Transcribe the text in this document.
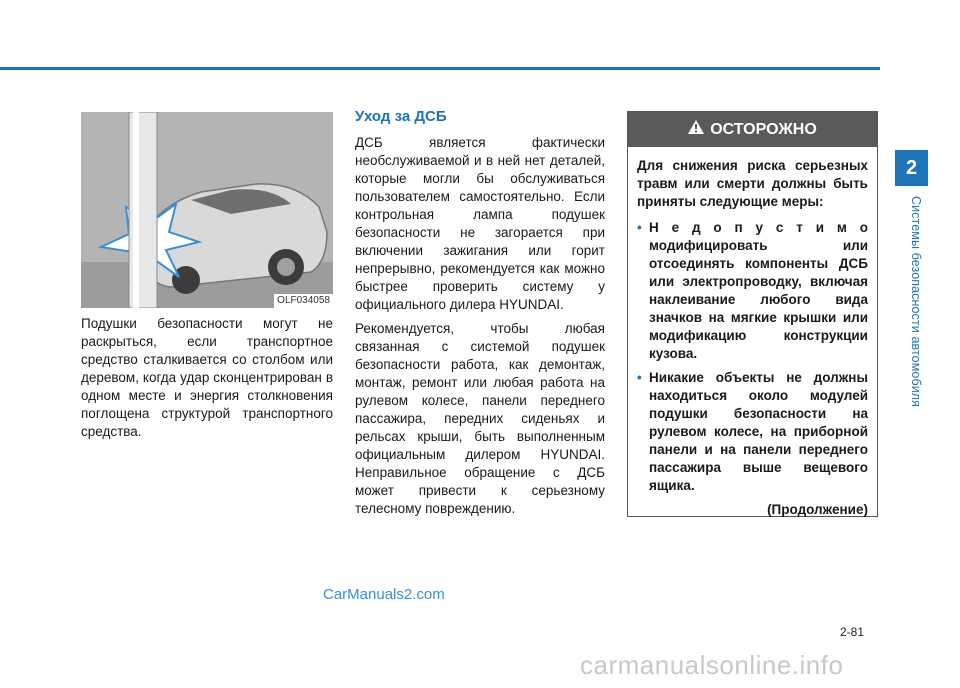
OLF034058

Подушки безопасности могут не раскрыться, если транспортное средство сталкивается со столбом или деревом, когда удар сконцентрирован в одном месте и энергия столкновения поглощена структурой транспортного средства.

Уход за ДСБ

ДСБ является фактически необслуживаемой и в ней нет деталей, которые могли бы обслуживаться пользователем самостоятельно. Если контрольная лампа подушек безопасности не загорается при включении зажигания или горит непрерывно, рекомендуется как можно быстрее проверить систему у официального дилера HYUNDAI.

Рекомендуется, чтобы любая связанная с системой подушек безопасности работа, как демонтаж, монтаж, ремонт или любая работа на рулевом колесе, панели переднего пассажира, передних сиденьях и рельсах крыши, быть выполненным официальным дилером HYUNDAI. Неправильное обращение с ДСБ может привести к серьезному телесному повреждению.

ОСТОРОЖНО

Для снижения риска серьезных травм или смерти должны быть приняты следующие меры:

• Н е д о п у с т и м о модифицировать или отсоединять компоненты ДСБ или электропроводку, включая наклеивание любого вида значков на мягкие крышки или модификацию конструкции кузова.
• Никакие объекты не должны находиться около модулей подушки безопасности на рулевом колесе, на приборной панели и на панели переднего пассажира выше вещевого ящика.
(Продолжение)
2
Системы безопасности автомобиля
CarManuals2.com
2-81
carmanualsonline.info
